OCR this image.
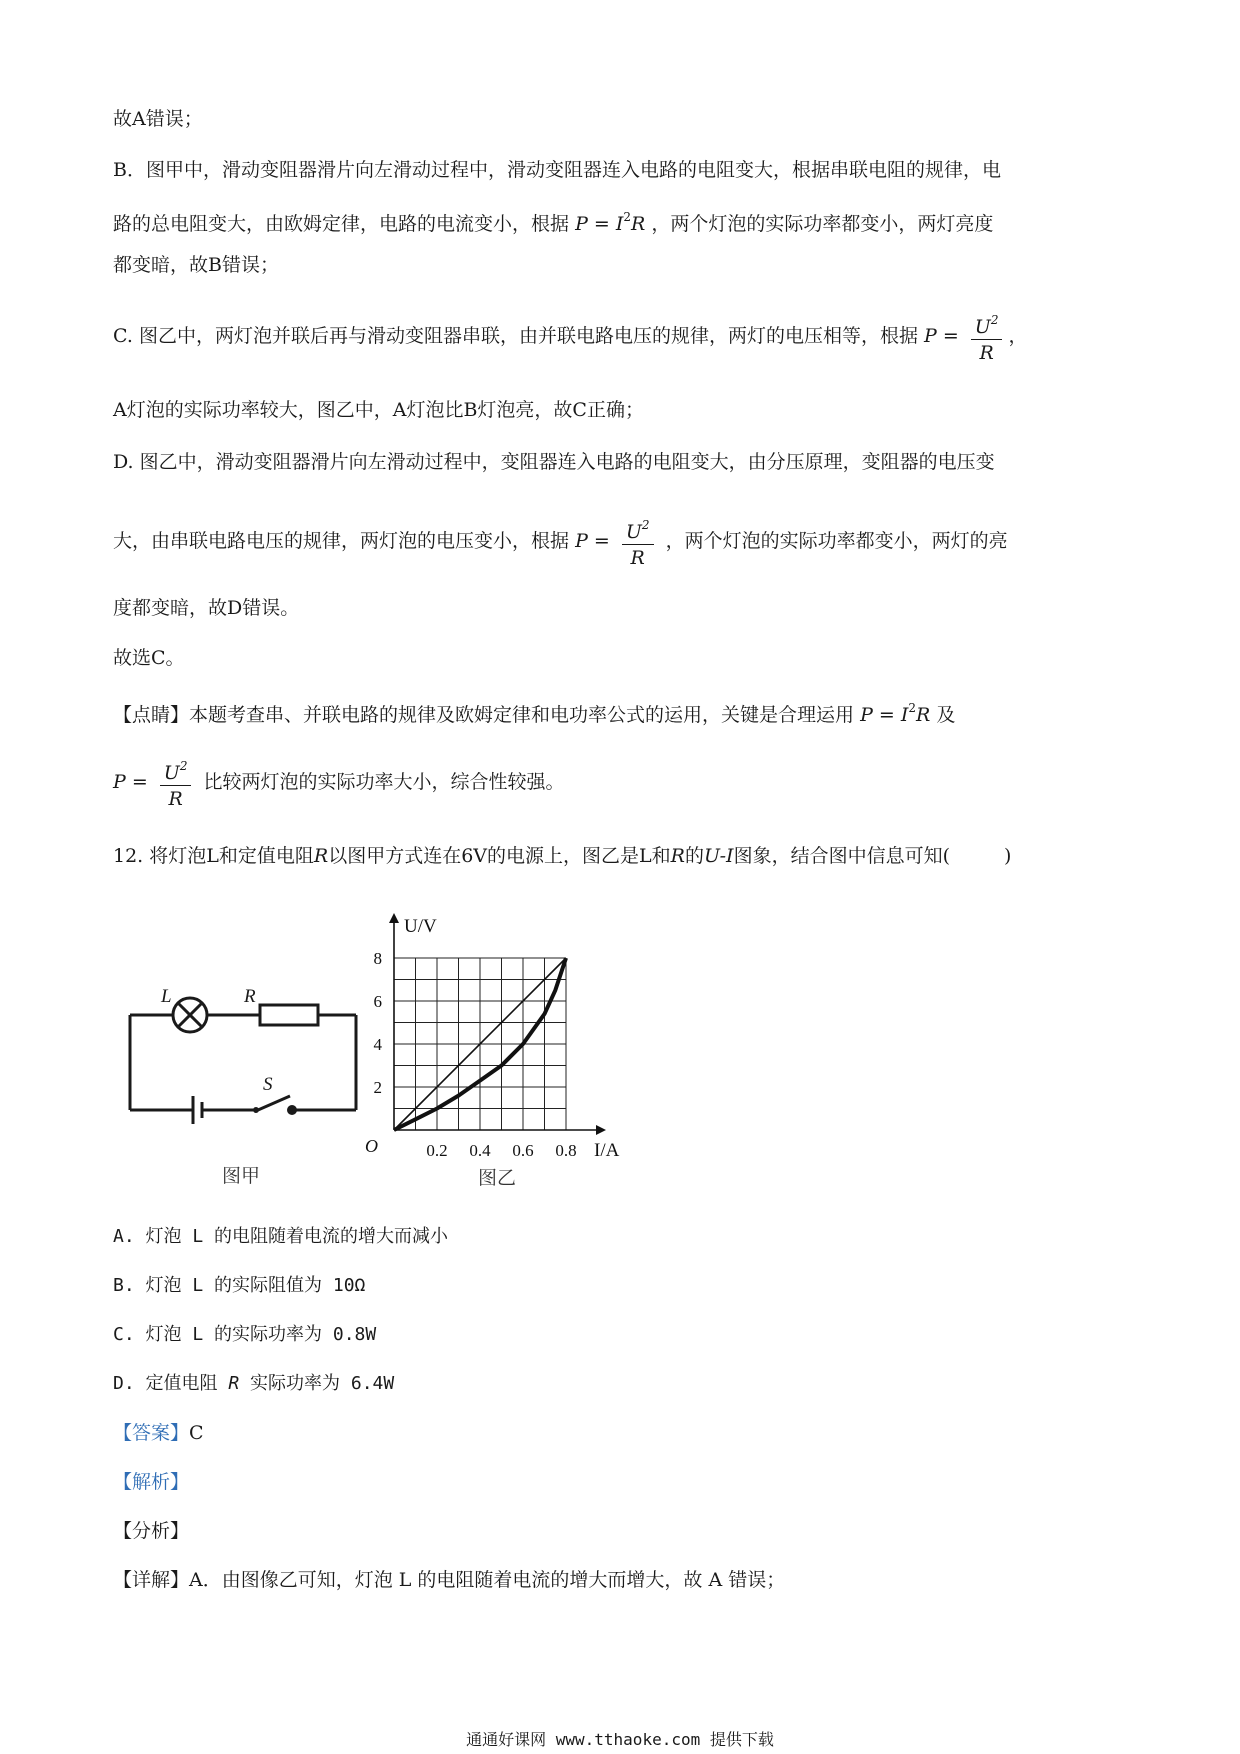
故A错误；
B．图甲中，滑动变阻器滑片向左滑动过程中，滑动变阻器连入电路的电阻变大，根据串联电阻的规律，电
路的总电阻变大，由欧姆定律，电路的电流变小，根据 $P = I^2R$ ，两个灯泡的实际功率都变小，两灯亮度
都变暗，故B错误；
C. 图乙中，两灯泡并联后再与滑动变阻器串联，由并联电路电压的规律，两灯的电压相等，根据 $P = \frac{U^2}{R}$ ，
A灯泡的实际功率较大，图乙中，A灯泡比B灯泡亮，故C正确；
D. 图乙中，滑动变阻器滑片向左滑动过程中，变阻器连入电路的电阻变大，由分压原理，变阻器的电压变
大，由串联电路电压的规律，两灯泡的电压变小，根据 $P = \frac{U^2}{R}$ ，两个灯泡的实际功率都变小，两灯的亮
度都变暗，故D错误。
故选C。
【点睛】本题考查串、并联电路的规律及欧姆定律和电功率公式的运用，关键是合理运用 $P = I^2R$ 及
$P = \frac{U^2}{R}$ 比较两灯泡的实际功率大小，综合性较强。
12. 将灯泡L和定值电阻R以图甲方式连在6V的电源上，图乙是L和R的U-I图象，结合图中信息可知(	)
L	R
S
图甲
0.2 0.4 0.6 0.8
2
4
6
8
O	I/A
U/V
图乙
A. 灯泡 L 的电阻随着电流的增大而减小
B. 灯泡 L 的实际阻值为 10Ω
C. 灯泡 L 的实际功率为 0.8W
D. 定值电阻 R 实际功率为 6.4W
【答案】C
【解析】
【分析】
【详解】A．由图像乙可知，灯泡 L 的电阻随着电流的增大而增大，故 A 错误；
通通好课网 www.tthaoke.com 提供下载
